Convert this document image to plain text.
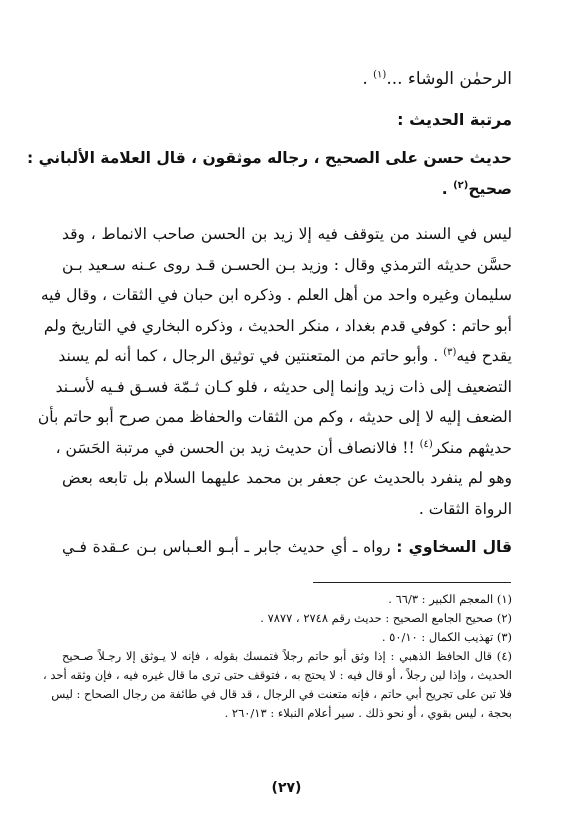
الرحمٰن الوشاء ...$^{(١)}$ .
مرتبة الحديث :
حديث حسن على الصحيح ، رجاله موثقون ، قال العلامة الألباني :
صحيح$^{(٢)}$ .
ليس في السند من يتوقف فيه إلا زيد بن الحسن صاحب الانماط ، وقد
حسَّن حديثه الترمذي وقال : وزيد بـن الحسـن قـد روى عـنه سـعيد بـن
سليمان وغيره واحد من أهل العلم . وذكره ابن حبان في الثقات ، وقال فيه
أبو حاتم : كوفي قدم بغداد ، منكر الحديث ، وذكره البخاري في التاريخ ولم
يقدح فيه$^{(٣)}$ . وأبو حاتم من المتعنتين في توثيق الرجال ، كما أنه لم يسند
التضعيف إلى ذات زيد وإنما إلى حديثه ، فلو كـان ثـمّة فسـق فـيه لأسـند
الضعف إليه لا إلى حديثه ، وكم من الثقات والحفاظ ممن صرح أبو حاتم بأن
حديثهم منكر$^{(٤)}$ !! فالانصاف أن حديث زيد بن الحسن في مرتبة الحَسَن ،
وهو لم ينفرد بالحديث عن جعفر بن محمد عليهما السلام بل تابعه بعض
الرواة الثقات .
قال السخاوي : رواه ـ أي حديث جابر ـ أبـو العـباس بـن عـقدة فـي
(١) المعجم الكبير : ٦٦/٣ .
(٢) صحيح الجامع الصحيح : حديث رقم ٢٧٤٨ ، ٧٨٧٧ .
(٣) تهذيب الكمال : ٥٠/١٠ .
(٤) قال الحافظ الذهبي : إذا وثق أبو حاتم رجلاً فتمسك بقوله ، فإنه لا يـوثق إلا رجـلاً صـحيح
الحديث ، وإذا لين رجلاً ، أو قال فيه : لا يحتج به ، فتوقف حتى ترى ما قال غيره فيه ، فإن وثقه أحد ،
فلا تبن على تجريح أبي حاتم ، فإنه متعنت في الرجال ، قد قال في طائفة من رجال الصحاح : ليس
بحجة ، ليس بقوي ، أو نحو ذلك . سير أعلام النبلاء : ٢٦٠/١٣ .
(٢٧)
